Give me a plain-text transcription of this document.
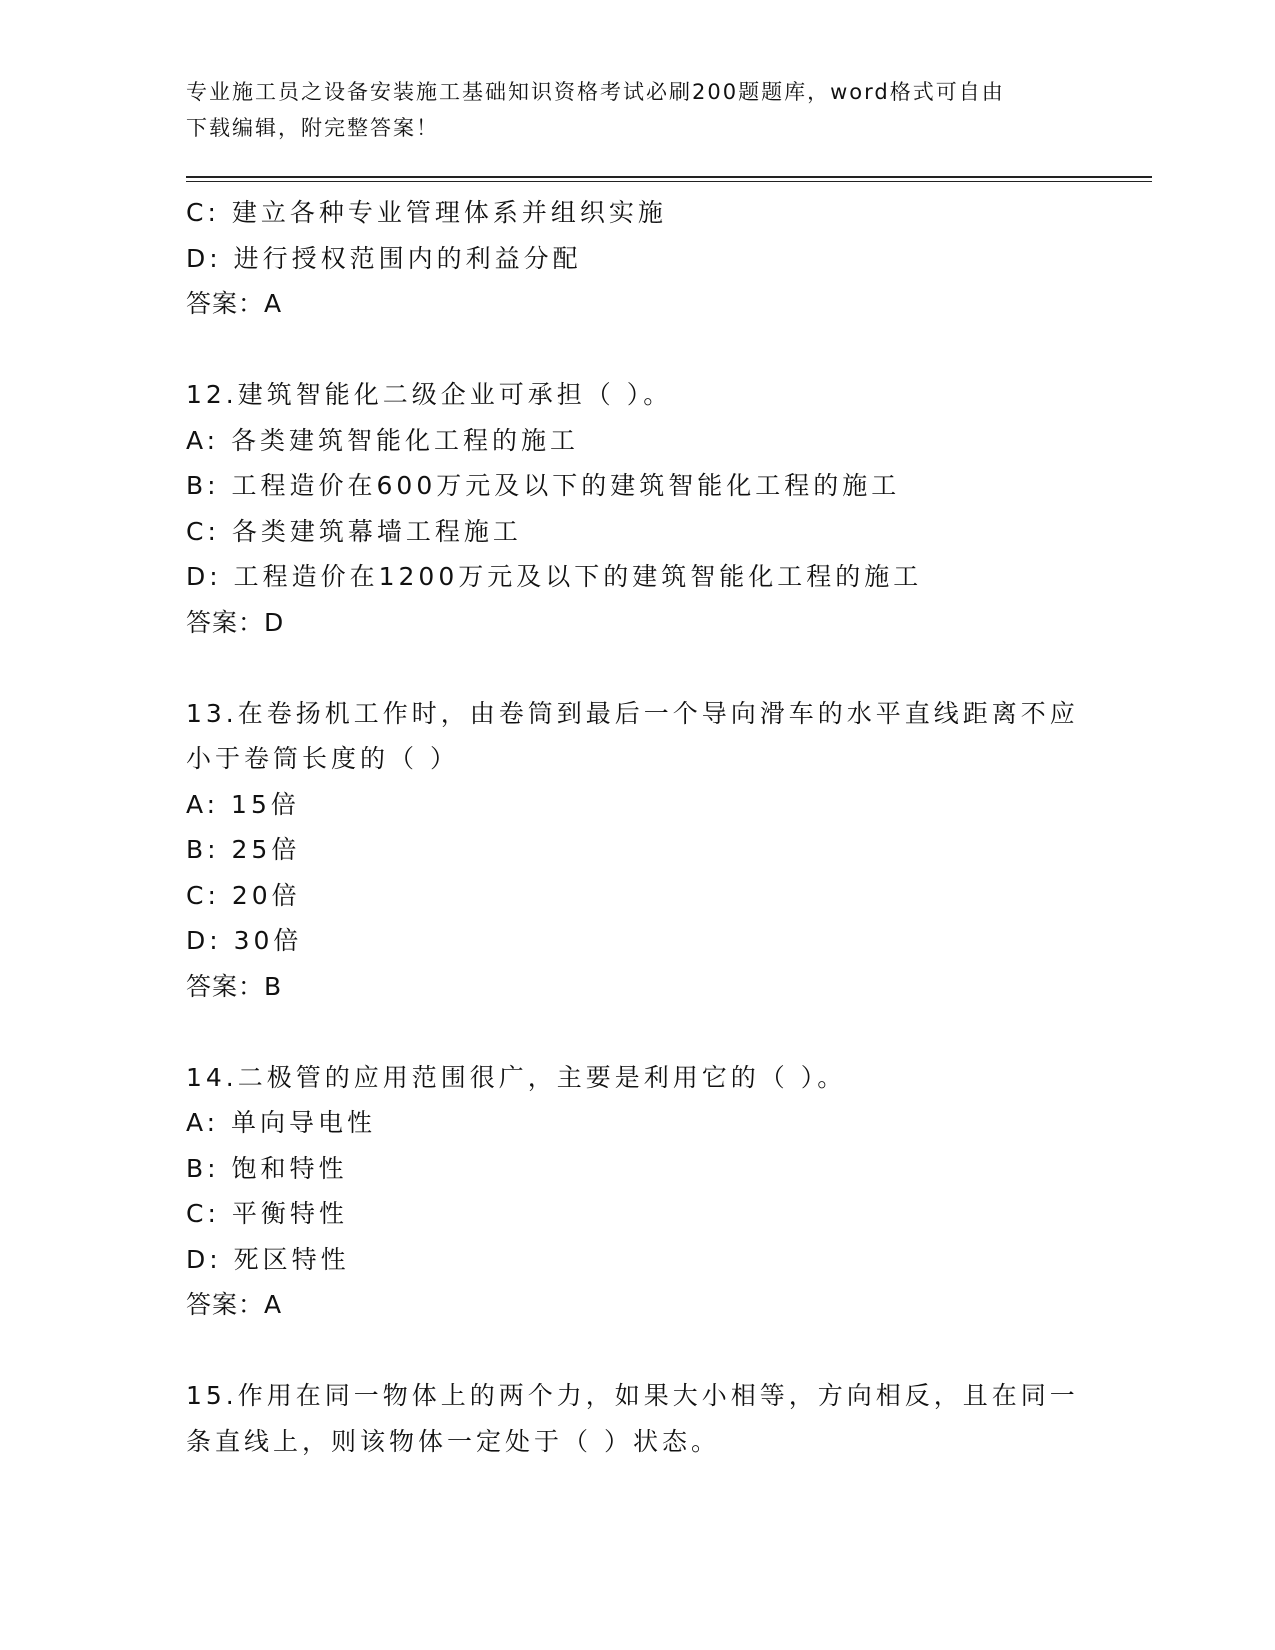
专业施工员之设备安装施工基础知识资格考试必刷200题题库，word格式可自由
下载编辑，附完整答案！
C: 建立各种专业管理体系并组织实施
D: 进行授权范围内的利益分配
答案：A
12.建筑智能化二级企业可承担（ ）。
A: 各类建筑智能化工程的施工
B: 工程造价在600万元及以下的建筑智能化工程的施工
C: 各类建筑幕墙工程施工
D: 工程造价在1200万元及以下的建筑智能化工程的施工
答案：D
13.在卷扬机工作时，由卷筒到最后一个导向滑车的水平直线距离不应
小于卷筒长度的（ ）
A: 15倍
B: 25倍
C: 20倍
D: 30倍
答案：B
14.二极管的应用范围很广，主要是利用它的（ ）。
A: 单向导电性
B: 饱和特性
C: 平衡特性
D: 死区特性
答案：A
15.作用在同一物体上的两个力，如果大小相等，方向相反，且在同一
条直线上，则该物体一定处于（ ）状态。
